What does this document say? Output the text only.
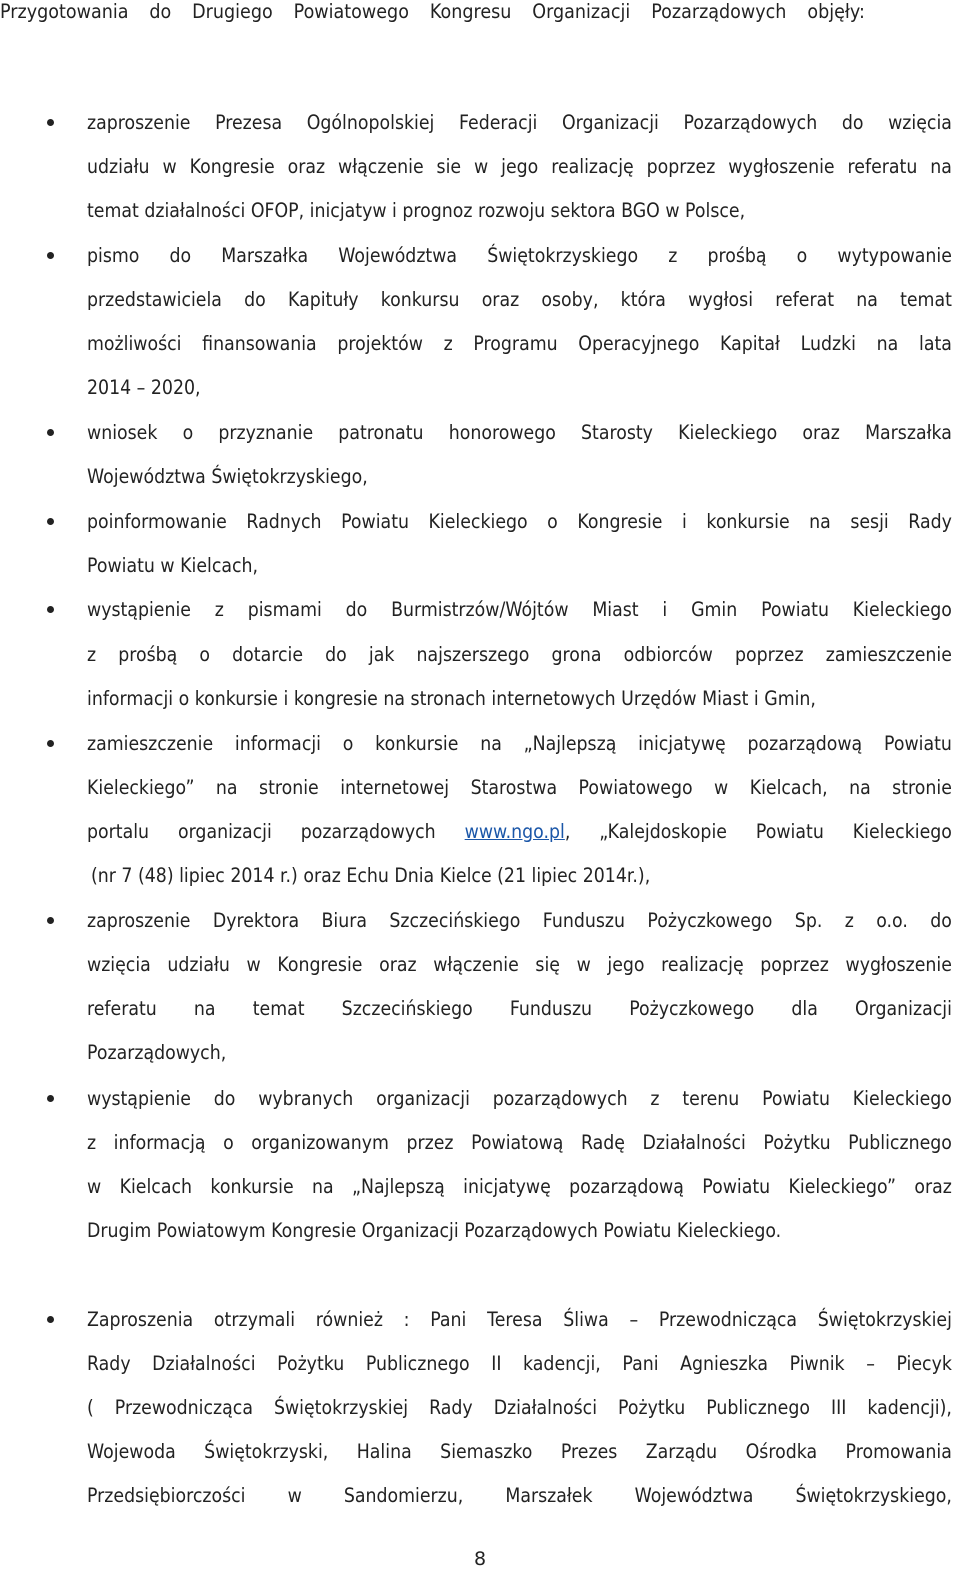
Przygotowania do Drugiego Powiatowego Kongresu Organizacji Pozarządowych objęły:
zaproszenie Prezesa Ogólnopolskiej Federacji Organizacji Pozarządowych do wzięcia
udziału w Kongresie oraz włączenie sie w jego realizację poprzez wygłoszenie referatu na
temat działalności OFOP, inicjatyw i prognoz rozwoju sektora BGO w Polsce,
pismo do Marszałka Województwa Świętokrzyskiego z prośbą o wytypowanie
przedstawiciela do Kapituły konkursu oraz osoby, która wygłosi referat na temat
możliwości finansowania projektów z Programu Operacyjnego Kapitał Ludzki na lata
2014 – 2020,
wniosek o przyznanie patronatu honorowego Starosty Kieleckiego oraz Marszałka
Województwa Świętokrzyskiego,
poinformowanie Radnych Powiatu Kieleckiego o Kongresie i konkursie na sesji Rady
Powiatu w Kielcach,
wystąpienie z pismami do Burmistrzów/Wójtów Miast i Gmin Powiatu Kieleckiego
z prośbą o dotarcie do jak najszerszego grona odbiorców poprzez zamieszczenie
informacji o konkursie i kongresie na stronach internetowych Urzędów Miast i Gmin,
zamieszczenie informacji o konkursie na „Najlepszą inicjatywę pozarządową Powiatu
Kieleckiego” na stronie internetowej Starostwa Powiatowego w Kielcach, na stronie
portalu organizacji pozarządowych www.ngo.pl, „Kalejdoskopie Powiatu Kieleckiego
(nr 7 (48) lipiec 2014 r.) oraz Echu Dnia Kielce (21 lipiec 2014r.),
zaproszenie Dyrektora Biura Szczecińskiego Funduszu Pożyczkowego Sp. z o.o. do
wzięcia udziału w Kongresie oraz włączenie się w jego realizację poprzez wygłoszenie
referatu na temat Szczecińskiego Funduszu Pożyczkowego dla Organizacji
Pozarządowych,
wystąpienie do wybranych organizacji pozarządowych z terenu Powiatu Kieleckiego
z informacją o organizowanym przez Powiatową Radę Działalności Pożytku Publicznego
w Kielcach konkursie na „Najlepszą inicjatywę pozarządową Powiatu Kieleckiego” oraz
Drugim Powiatowym Kongresie Organizacji Pozarządowych Powiatu Kieleckiego.
Zaproszenia otrzymali również : Pani Teresa Śliwa – Przewodnicząca Świętokrzyskiej
Rady Działalności Pożytku Publicznego II kadencji, Pani Agnieszka Piwnik – Piecyk
( Przewodnicząca Świętokrzyskiej Rady Działalności Pożytku Publicznego III kadencji),
Wojewoda Świętokrzyski, Halina Siemaszko Prezes Zarządu Ośrodka Promowania
Przedsiębiorczości w Sandomierzu, Marszałek Województwa Świętokrzyskiego,
8
